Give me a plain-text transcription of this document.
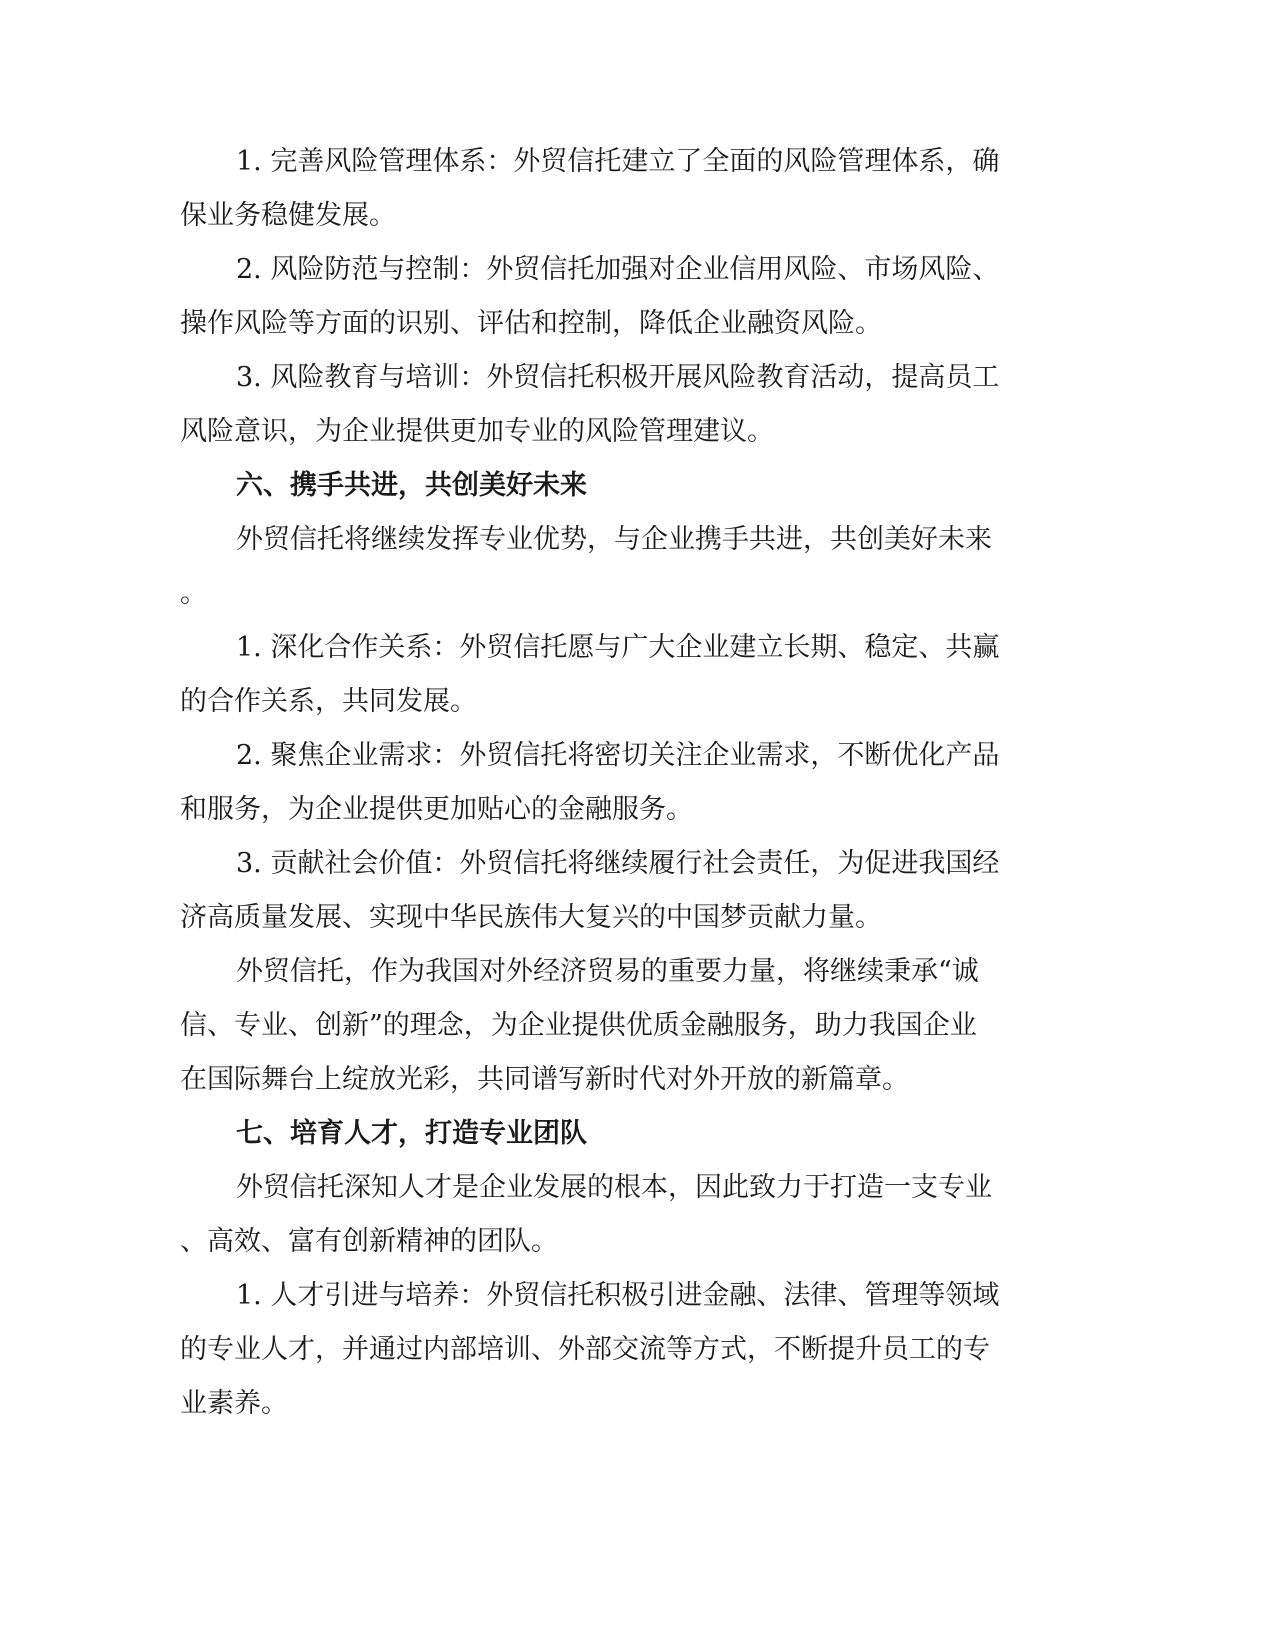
1. 完善风险管理体系：外贸信托建立了全面的风险管理体系，确
保业务稳健发展。
2. 风险防范与控制：外贸信托加强对企业信用风险、市场风险、
操作风险等方面的识别、评估和控制，降低企业融资风险。
3. 风险教育与培训：外贸信托积极开展风险教育活动，提高员工
风险意识，为企业提供更加专业的风险管理建议。
六、携手共进，共创美好未来
外贸信托将继续发挥专业优势，与企业携手共进，共创美好未来
。
1. 深化合作关系：外贸信托愿与广大企业建立长期、稳定、共赢
的合作关系，共同发展。
2. 聚焦企业需求：外贸信托将密切关注企业需求，不断优化产品
和服务，为企业提供更加贴心的金融服务。
3. 贡献社会价值：外贸信托将继续履行社会责任，为促进我国经
济高质量发展、实现中华民族伟大复兴的中国梦贡献力量。
外贸信托，作为我国对外经济贸易的重要力量，将继续秉承“诚
信、专业、创新”的理念，为企业提供优质金融服务，助力我国企业
在国际舞台上绽放光彩，共同谱写新时代对外开放的新篇章。
七、培育人才，打造专业团队
外贸信托深知人才是企业发展的根本，因此致力于打造一支专业
、高效、富有创新精神的团队。
1. 人才引进与培养：外贸信托积极引进金融、法律、管理等领域
的专业人才，并通过内部培训、外部交流等方式，不断提升员工的专
业素养。
